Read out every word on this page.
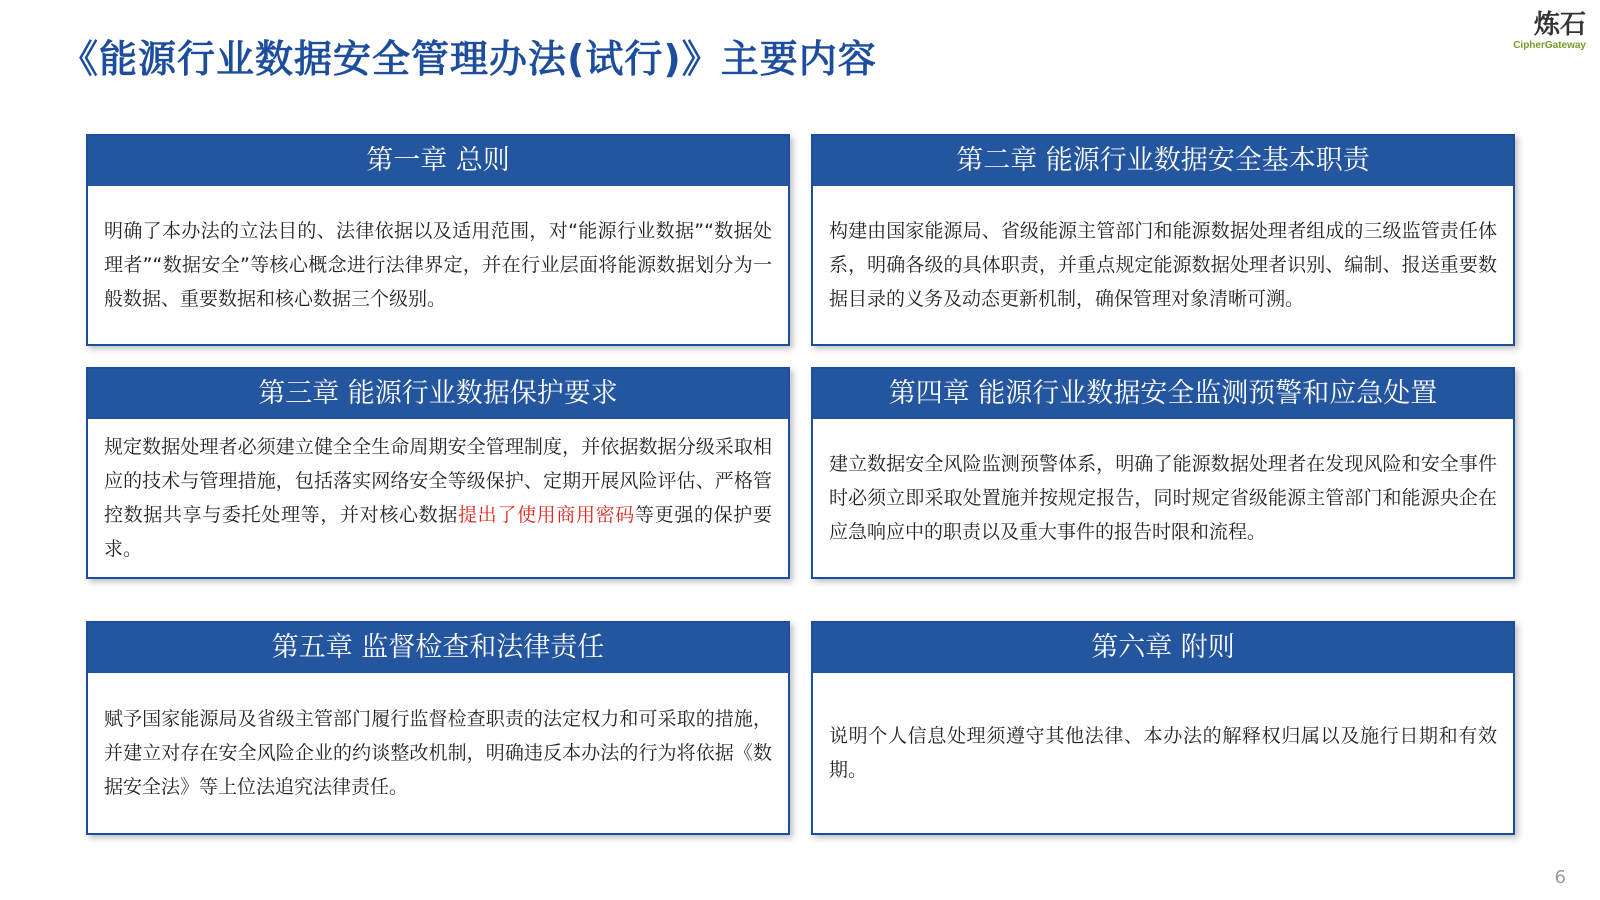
《能源行业数据安全管理办法(试行)》主要内容
炼石
CipherGateway
第一章 总则

明确了本办法的立法目的、法律依据以及适用范围，对“能源行业数据”“数据处理者”“数据安全”等核心概念进行法律界定，并在行业层面将能源数据划分为一般数据、重要数据和核心数据三个级别。

第二章 能源行业数据安全基本职责

构建由国家能源局、省级能源主管部门和能源数据处理者组成的三级监管责任体系，明确各级的具体职责，并重点规定能源数据处理者识别、编制、报送重要数据目录的义务及动态更新机制，确保管理对象清晰可溯。

第三章 能源行业数据保护要求

规定数据处理者必须建立健全全生命周期安全管理制度，并依据数据分级采取相应的技术与管理措施，包括落实网络安全等级保护、定期开展风险评估、严格管控数据共享与委托处理等，并对核心数据提出了使用商用密码等更强的保护要求。

第四章 能源行业数据安全监测预警和应急处置

建立数据安全风险监测预警体系，明确了能源数据处理者在发现风险和安全事件时必须立即采取处置施并按规定报告，同时规定省级能源主管部门和能源央企在应急响应中的职责以及重大事件的报告时限和流程。

第五章 监督检查和法律责任

赋予国家能源局及省级主管部门履行监督检查职责的法定权力和可采取的措施，并建立对存在安全风险企业的约谈整改机制，明确违反本办法的行为将依据《数据安全法》等上位法追究法律责任。

第六章 附则

说明个人信息处理须遵守其他法律、本办法的解释权归属以及施行日期和有效期。

6
